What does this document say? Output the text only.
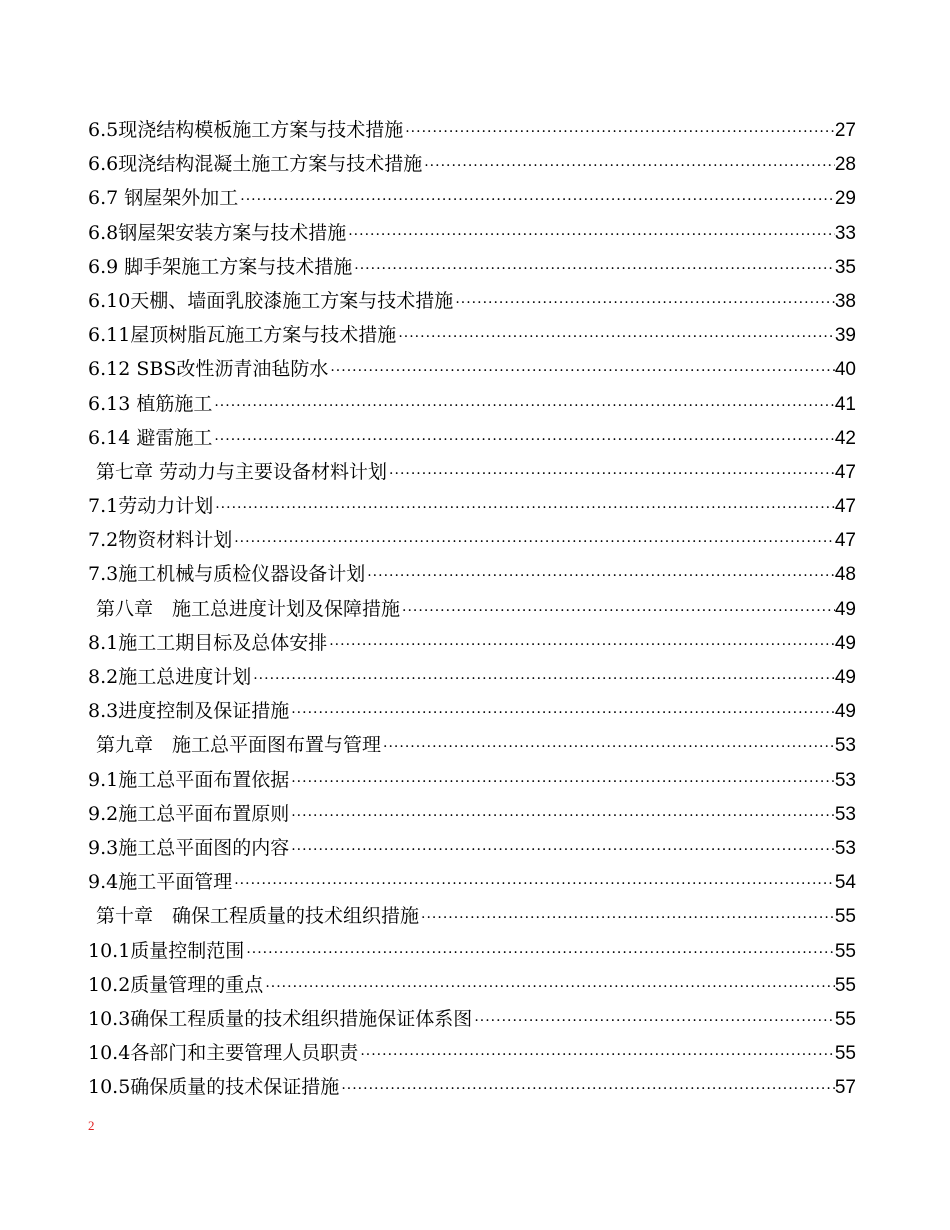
6.5现浇结构模板施工方案与技术措施 ·····	27
6.6现浇结构混凝土施工方案与技术措施 ·····	28
6.7 钢屋架外加工 ·····	29
6.8钢屋架安装方案与技术措施 ·····	33
6.9 脚手架施工方案与技术措施 ·····	35
6.10天棚、墙面乳胶漆施工方案与技术措施 ·····	38
6.11屋顶树脂瓦施工方案与技术措施 ·····	39
6.12 SBS改性沥青油毡防水 ·····	40
6.13 植筋施工 ·····	41
6.14 避雷施工 ·····	42
第七章 劳动力与主要设备材料计划 ·····	47
7.1劳动力计划 ·····	47
7.2物资材料计划 ·····	47
7.3施工机械与质检仪器设备计划 ·····	48
第八章　施工总进度计划及保障措施 ·····	49
8.1施工工期目标及总体安排 ·····	49
8.2施工总进度计划 ·····	49
8.3进度控制及保证措施 ·····	49
第九章　施工总平面图布置与管理 ·····	53
9.1施工总平面布置依据 ·····	53
9.2施工总平面布置原则 ·····	53
9.3施工总平面图的内容 ·····	53
9.4施工平面管理 ·····	54
第十章　确保工程质量的技术组织措施 ·····	55
10.1质量控制范围 ·····	55
10.2质量管理的重点 ·····	55
10.3确保工程质量的技术组织措施保证体系图 ·····	55
10.4各部门和主要管理人员职责 ·····	55
10.5确保质量的技术保证措施 ·····	57
2
